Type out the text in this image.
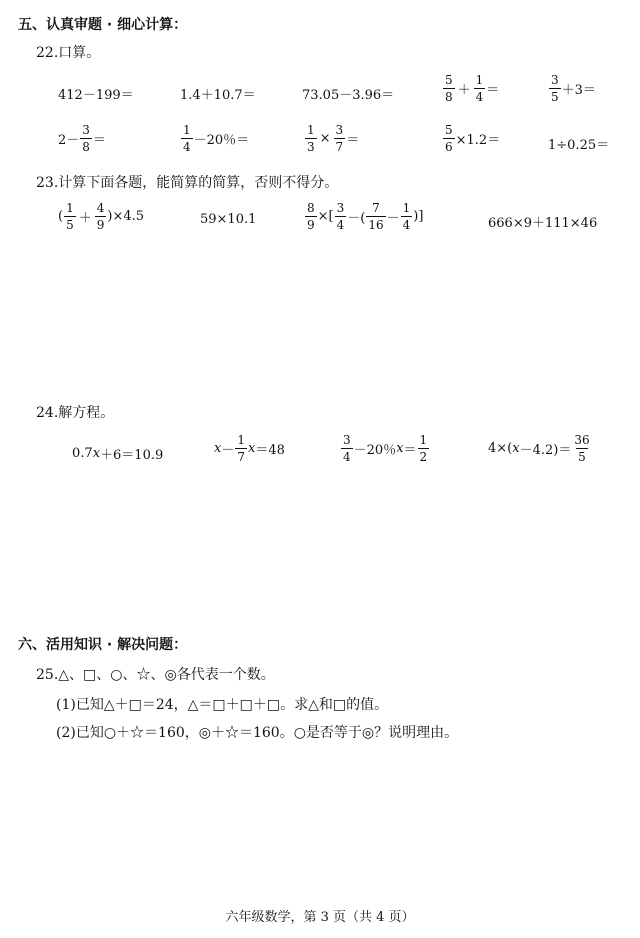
五、认真审题 · 细心计算：
22.口算。
412－199＝	1.4＋10.7＝	73.05－3.96＝	$\frac{5}{8} + \frac{1}{4}$ ＝	$\frac{3}{5} +3=$
$2- \frac{3}{8}$ ＝	$\frac{1}{4} -20$％＝	$\frac{1}{3} \times \frac{3}{7}$ ＝	$\frac{5}{6} \times 1.2=$	1÷0.25＝
23.计算下面各题，能简算的简算，否则不得分。
( $\frac{1}{5} + \frac{4}{9} )\times 4.5$	59×10.1	$\frac{8}{9}$ ×[ $\frac{3}{4}$ －( $\frac{7}{16} - \frac{1}{4}$ )]	666×9＋111×46
24.解方程。
0.7 x ＋6＝10.9	$x - \frac{1}{7}$ x ＝48	$\frac{3}{4} -20$％ $x = \frac{1}{2}$	4×( $x -4.2)= \frac{36}{5}$
六、活用知识 · 解决问题：
25.△、□、○、☆、◎各代表一个数。
(1)已知△＋□＝24，△＝□＋□＋□。求△和□的值。
(2)已知○＋☆＝160，◎＋☆＝160。○是否等于◎？说明理由。
六年级数学，第 3 页（共 4 页）
